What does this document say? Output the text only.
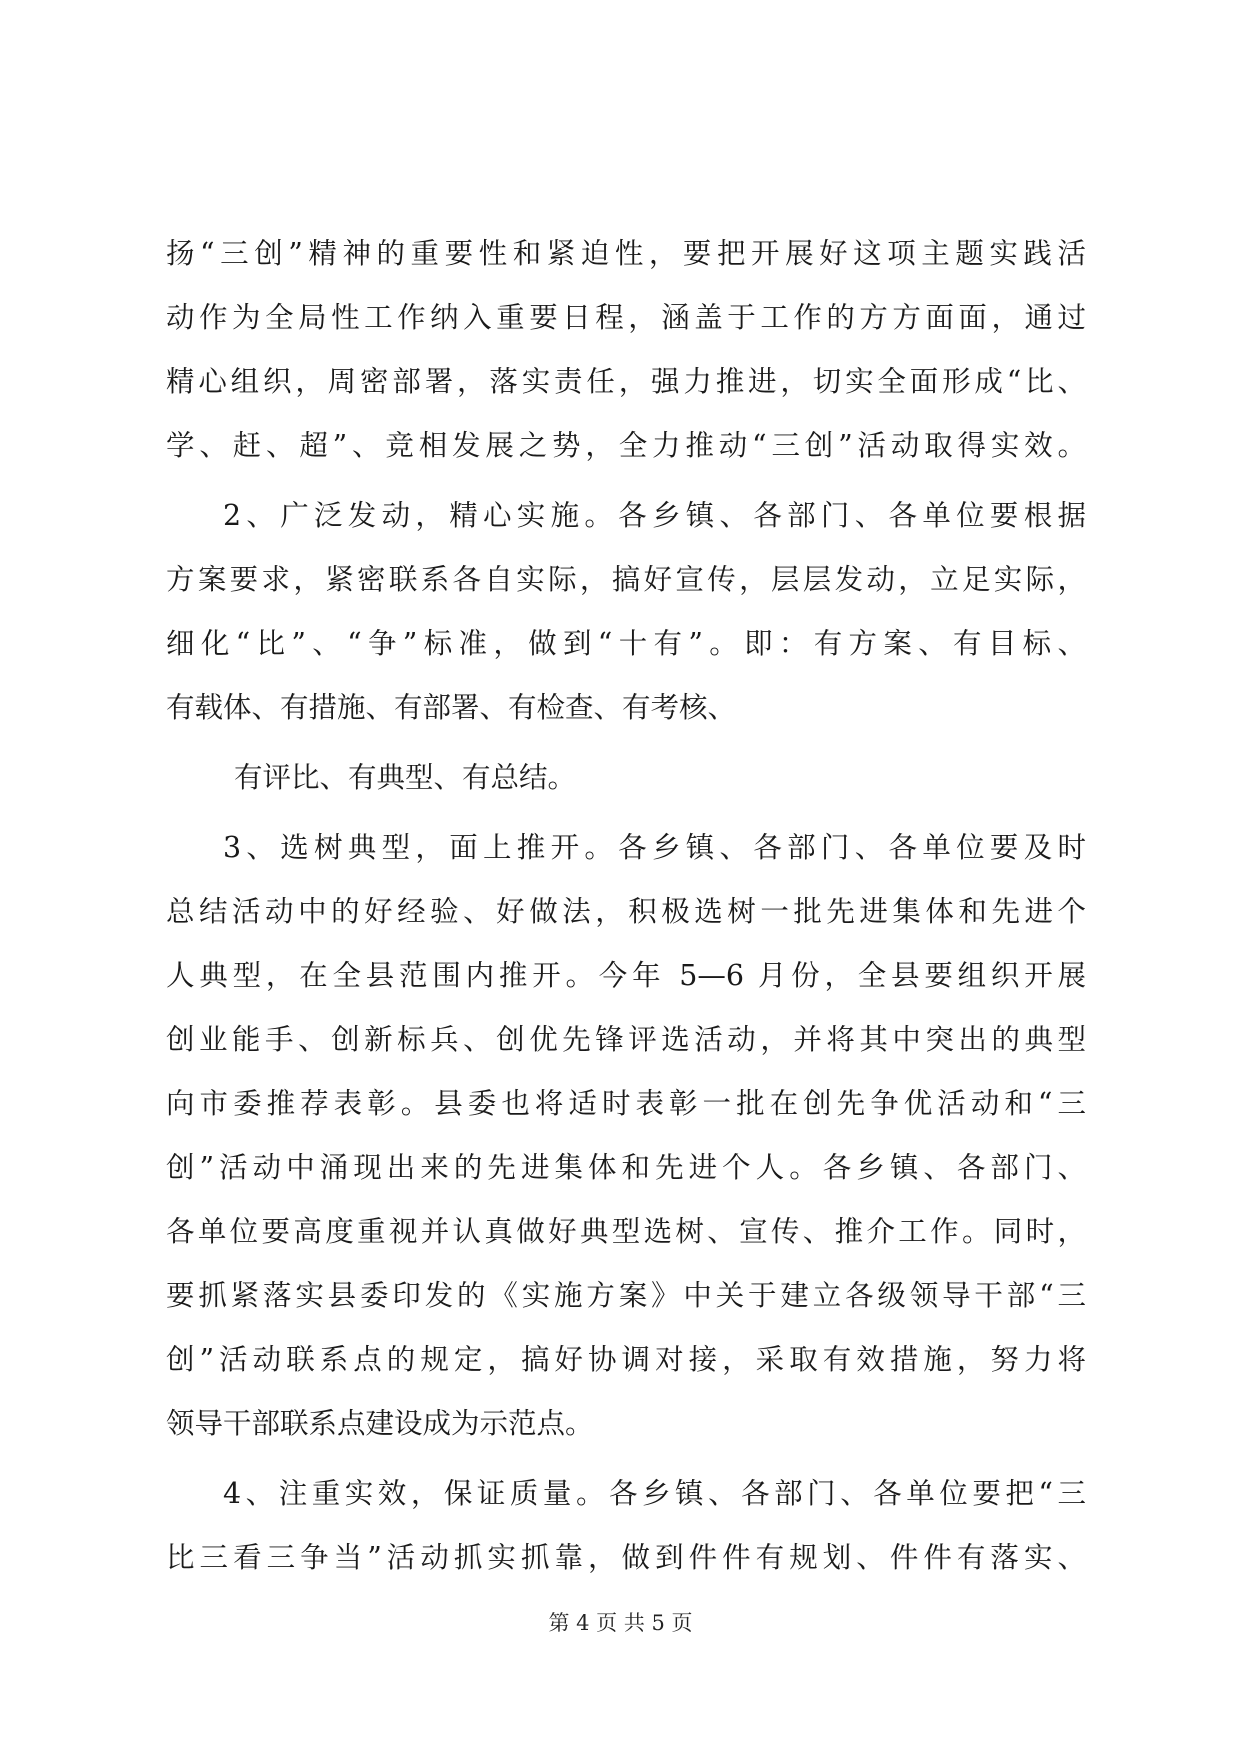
扬“三创”精神的重要性和紧迫性，要把开展好这项主题实践活
动作为全局性工作纳入重要日程，涵盖于工作的方方面面，通过
精心组织，周密部署，落实责任，强力推进，切实全面形成“比、
学、赶、超”、竞相发展之势，全力推动“三创”活动取得实效。
2、广泛发动，精心实施。各乡镇、各部门、各单位要根据
方案要求，紧密联系各自实际，搞好宣传，层层发动，立足实际，
细化“比”、“争”标准，做到“十有”。即：有方案、有目标、
有载体、有措施、有部署、有检查、有考核、
有评比、有典型、有总结。
3、选树典型，面上推开。各乡镇、各部门、各单位要及时
总结活动中的好经验、好做法，积极选树一批先进集体和先进个
人典型，在全县范围内推开。今年 5—6 月份，全县要组织开展
创业能手、创新标兵、创优先锋评选活动，并将其中突出的典型
向市委推荐表彰。县委也将适时表彰一批在创先争优活动和“三
创”活动中涌现出来的先进集体和先进个人。各乡镇、各部门、
各单位要高度重视并认真做好典型选树、宣传、推介工作。同时，
要抓紧落实县委印发的《实施方案》中关于建立各级领导干部“三
创”活动联系点的规定，搞好协调对接，采取有效措施，努力将
领导干部联系点建设成为示范点。
4、注重实效，保证质量。各乡镇、各部门、各单位要把“三
比三看三争当”活动抓实抓靠，做到件件有规划、件件有落实、
第 4 页 共 5 页
